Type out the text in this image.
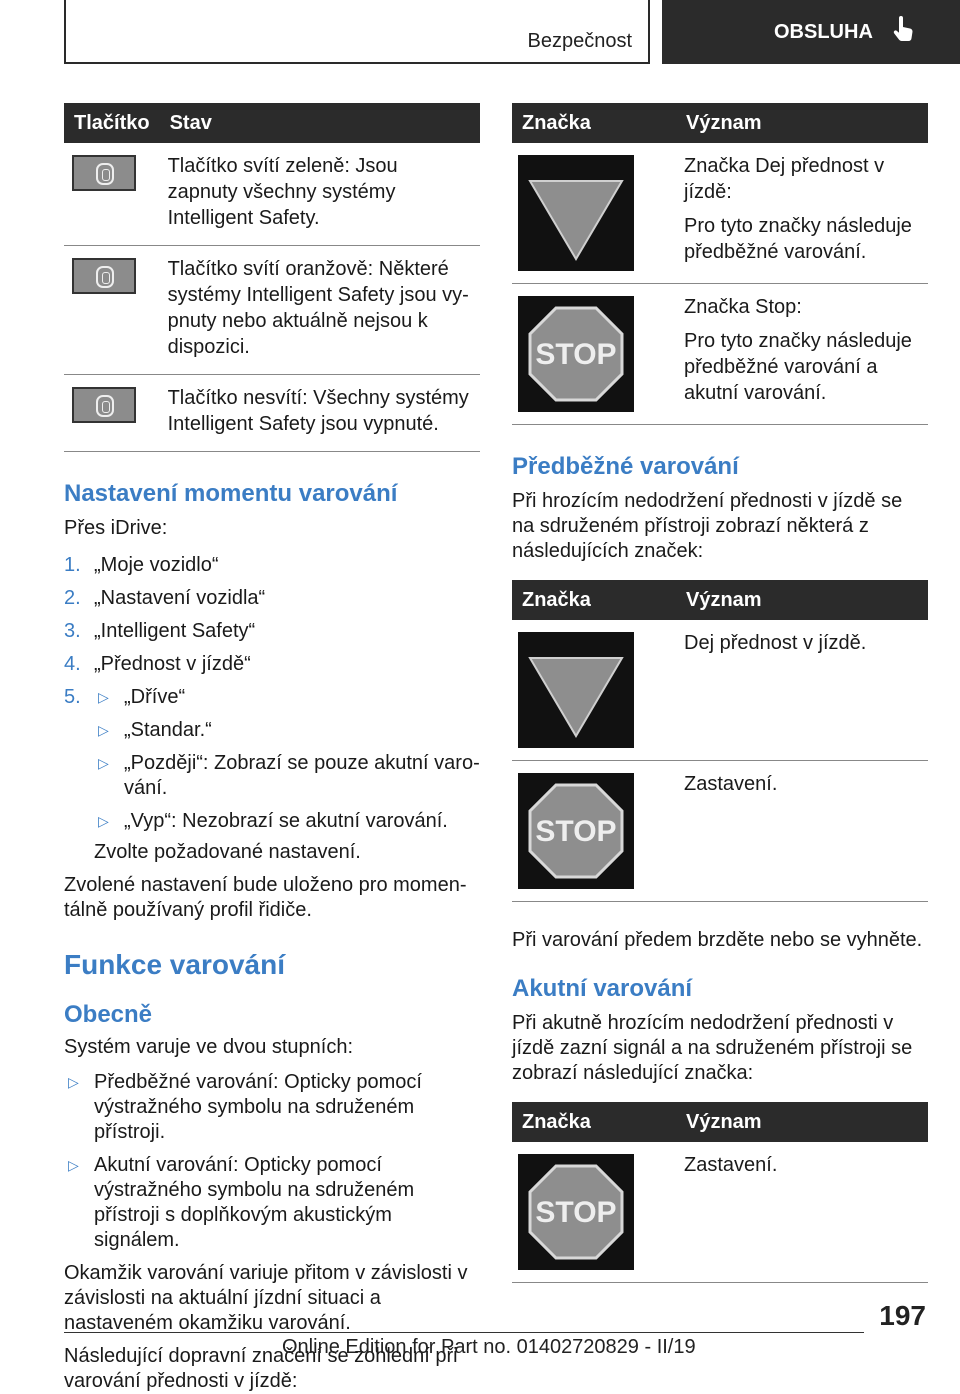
Bezpečnost	OBSLUHA
Tlačítko	Stav

	Tlačítko svítí zeleně: Jsou zapnuty všechny systémy Intelligent Safety.

	Tlačítko svítí oranžově: Některé systémy Intelligent Safety jsou vypnuty nebo aktuálně nejsou k dispozici.

	Tlačítko nesvítí: Všechny systémy Intelligent Safety jsou vypnuté.
Nastavení momentu varování

Přes iDrive:

1. „Moje vozidlo“
2. „Nastavení vozidla“
3. „Intelligent Safety“
4. „Přednost v jízdě“
5. ▷ „Dříve“
▷ „Standar.“
▷ „Později“: Zobrazí se pouze akutní varování.
▷ „Vyp“: Nezobrazí se akutní varování.

Zvolte požadované nastavení.

Zvolené nastavení bude uloženo pro momentálně používaný profil řidiče.

Funkce varování
Obecně

Systém varuje ve dvou stupních:

▷ Předběžné varování: Opticky pomocí výstražného symbolu na sdruženém přístroji.
▷ Akutní varování: Opticky pomocí výstražného symbolu na sdruženém přístroji s doplňkovým akustickým signálem.

Okamžik varování variuje přitom v závislosti v závislosti na aktuální jízdní situaci a nastaveném okamžiku varování.

Následující dopravní značení se zohlední při varování přednosti v jízdě:

Značka	Význam

Značka Dej přednost v jízdě:

Pro tyto značky následuje předběžné varování.

STOP	Značka Stop:

Pro tyto značky následuje předběžné varování a akutní varování.

Předběžné varování

Při hrozícím nedodržení přednosti v jízdě se na sdruženém přístroji zobrazí některá z následujících značek:

Značka	Význam

	Dej přednost v jízdě.

STOP	Zastavení.

Při varování předem brzděte nebo se vyhněte.

Akutní varování

Při akutně hrozícím nedodržení přednosti v jízdě zazní signál a na sdruženém přístroji se zobrazí následující značka:

Značka	Význam

STOP	Zastavení.
197
Online Edition for Part no. 01402720829 - II/19
